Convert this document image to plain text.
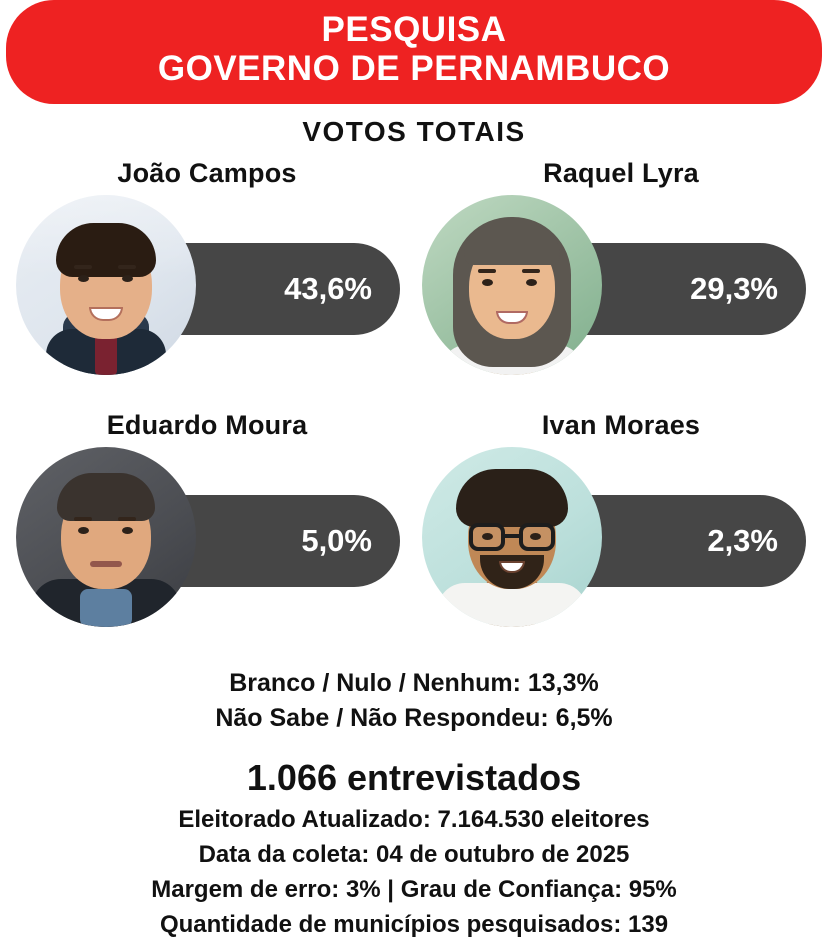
PESQUISA
GOVERNO DE PERNAMBUCO
VOTOS TOTAIS
João Campos
43,6%
Raquel Lyra
29,3%
Eduardo Moura
5,0%
Ivan Moraes
2,3%
Branco / Nulo / Nenhum: 13,3%
Não Sabe / Não Respondeu: 6,5%
1.066 entrevistados
Eleitorado Atualizado: 7.164.530 eleitores
Data da coleta: 04 de outubro de 2025
Margem de erro: 3% | Grau de Confiança: 95%
Quantidade de municípios pesquisados: 139
